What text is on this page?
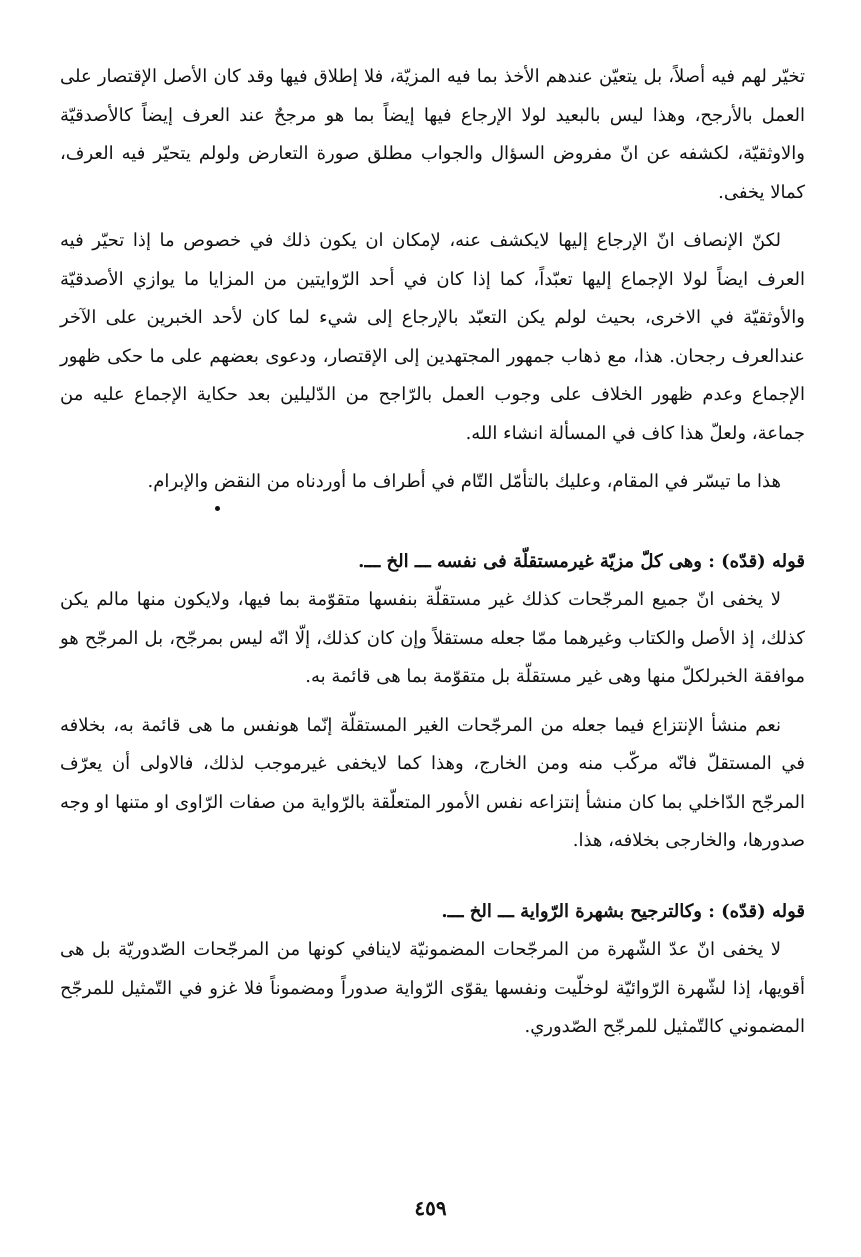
تخيّر لهم فيه أصلاً، بل يتعيّن عندهم الأخذ بما فيه المزيّة، فلا إطلاق فيها وقد كان الأصل الإقتصار على العمل بالأرجح، وهذا ليس بالبعيد لولا الإرجاع فيها إيضاً بما هو مرجحٌ عند العرف إيضاً كالأصدقيّة والاوثقيّة، لكشفه عن انّ مفروض السؤال والجواب مطلق صورة التعارض ولولم يتحيّر فيه العرف، كمالا يخفى.

لكنّ الإنصاف انّ الإرجاع إليها لايكشف عنه، لإمكان ان يكون ذلك في خصوص ما إذا تحيّر فيه العرف ايضاً لولا الإجماع إليها تعبّداً، كما إذا كان في أحد الرّوايتين من المزايا ما يوازي الأصدقيّة والأوثقيّة في الاخرى، بحيث لولم يكن التعبّد بالإرجاع إلى شيء لما كان لأحد الخبرين على الآخر عندالعرف رجحان. هذا، مع ذهاب جمهور المجتهدين إلى الإقتصار، ودعوى بعضهم على ما حكى ظهور الإجماع وعدم ظهور الخلاف على وجوب العمل بالرّاجح من الدّليلين بعد حكاية الإجماع عليه من جماعة، ولعلّ هذا كاف في المسألة انشاء الله.

هذا ما تيسّر في المقام، وعليك بالتأمّل التّام في أطراف ما أوردناه من النقض والإبرام.

قوله (قدّه) : وهى كلّ مزيّة غيرمستقلّة فى نفسه ـــ الخ ـــ.

لا يخفى انّ جميع المرجّحات كذلك غير مستقلّة بنفسها متقوّمة بما فيها، ولايكون منها مالم يكن كذلك، إذ الأصل والكتاب وغيرهما ممّا جعله مستقلاً وإن كان كذلك، إلّا انّه ليس بمرجّح، بل المرجّح هو موافقة الخبرلكلّ منها وهى غير مستقلّة بل متقوّمة بما هى قائمة به.

نعم منشأ الإنتزاع فيما جعله من المرجّحات الغير المستقلّة إنّما هونفس ما هى قائمة به، بخلافه في المستقلّ فانّه مركّب منه ومن الخارج، وهذا كما لايخفى غيرموجب لذلك، فالاولى أن يعرّف المرجّح الدّاخلي بما كان منشأ إنتزاعه نفس الأمور المتعلّقة بالرّواية من صفات الرّاوى او متنها او وجه صدورها، والخارجى بخلافه، هذا.

قوله (قدّه) : وكالترجيح بشهرة الرّواية ـــ الخ ـــ.

لا يخفى انّ عدّ الشّهرة من المرجّحات المضمونيّة لاينافي كونها من المرجّحات الصّدوريّة بل هى أقويها، إذا لشّهرة الرّوائيّة لوخلّيت ونفسها يقوّى الرّواية صدوراً ومضموناً فلا غزو في التّمثيل للمرجّح المضموني كالتّمثيل للمرجّح الصّدوري.

٤٥٩
